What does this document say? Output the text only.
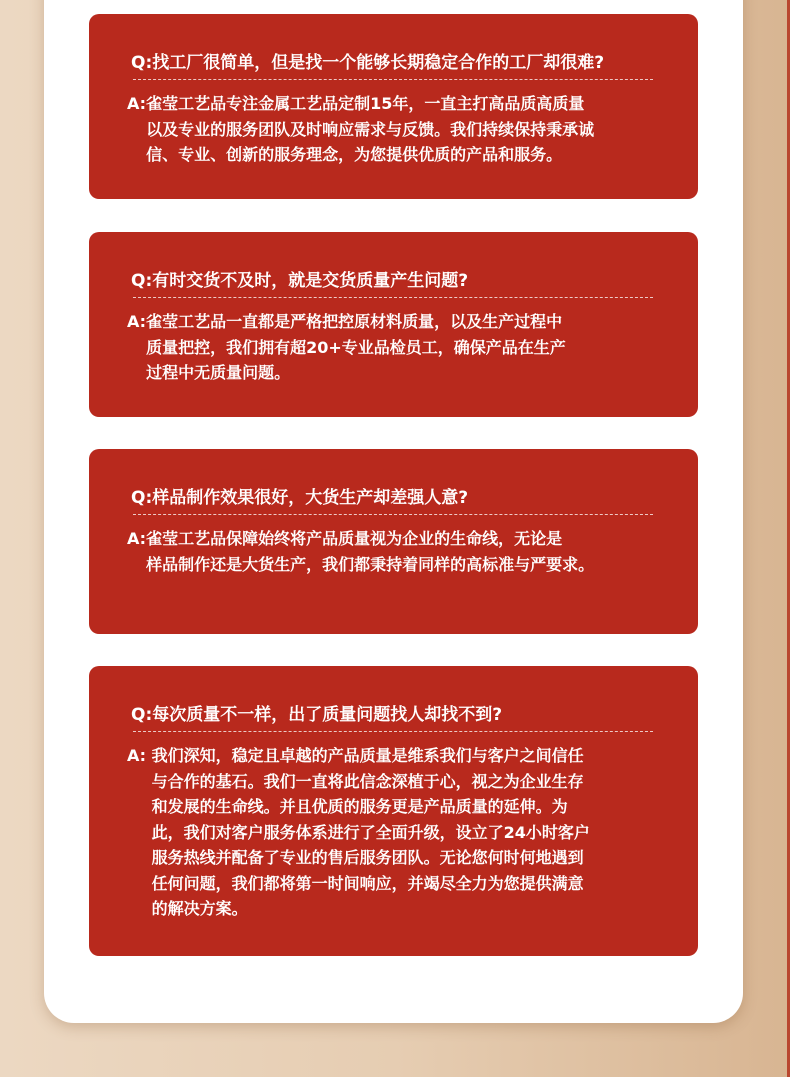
Q:找工厂很简单，但是找一个能够长期稳定合作的工厂却很难?
A: 雀莹工艺品专注金属工艺品定制15年，一直主打高品质高质量
以及专业的服务团队及时响应需求与反馈。我们持续保持秉承诚
信、专业、创新的服务理念，为您提供优质的产品和服务。
Q:有时交货不及时，就是交货质量产生问题?
A: 雀莹工艺品一直都是严格把控原材料质量，以及生产过程中
质量把控，我们拥有超20+专业品检员工，确保产品在生产
过程中无质量问题。
Q:样品制作效果很好，大货生产却差强人意?
A: 雀莹工艺品保障始终将产品质量视为企业的生命线，无论是
样品制作还是大货生产，我们都秉持着同样的高标准与严要求。
Q:每次质量不一样，出了质量问题找人却找不到?
A: 我们深知，稳定且卓越的产品质量是维系我们与客户之间信任
与合作的基石。我们一直将此信念深植于心，视之为企业生存
和发展的生命线。并且优质的服务更是产品质量的延伸。为
此，我们对客户服务体系进行了全面升级，设立了24小时客户
服务热线并配备了专业的售后服务团队。无论您何时何地遇到
任何问题，我们都将第一时间响应，并竭尽全力为您提供满意
的解决方案。
